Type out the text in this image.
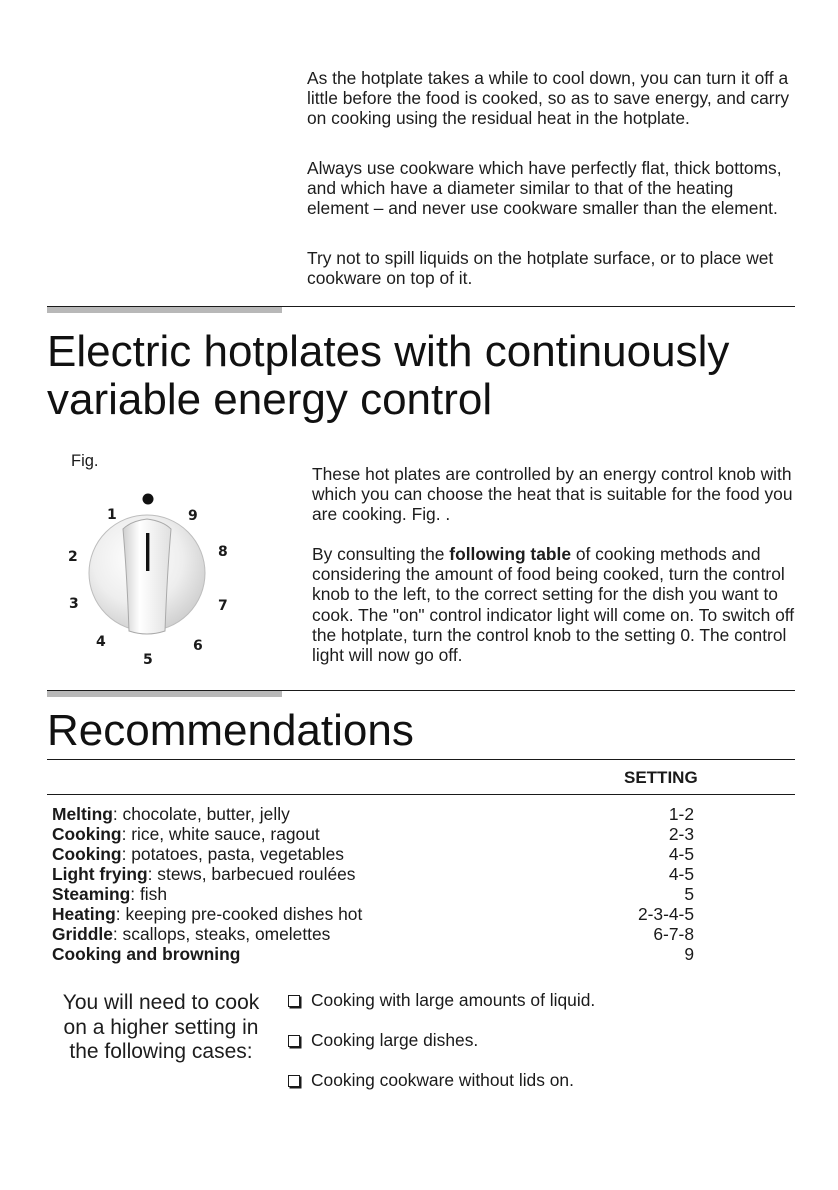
As the hotplate takes a while to cool down, you can turn it off a little before the food is cooked, so as to save energy, and carry on cooking using the residual heat in the hotplate.

Always use cookware which have perfectly flat, thick bottoms, and which have a diameter similar to that of the heating element – and never use cookware smaller than the element.

Try not to spill liquids on the hotplate surface, or to place wet cookware on top of it.

Electric hotplates with continuously
variable energy control
Fig.
1
2
3
4
5
6
7
8
9

These hot plates are controlled by an energy control knob with which you can choose the heat that is suitable for the food you are cooking. Fig. .

By consulting the following table of cooking methods and considering the amount of food being cooked, turn the control knob to the left, to the correct setting for the dish you want to cook. The "on" control indicator light will come on. To switch off the hotplate, turn the control knob to the setting 0. The control light will now go off.

Recommendations
SETTING
Melting: chocolate, butter, jelly	1-2
Cooking: rice, white sauce, ragout	2-3
Cooking: potatoes, pasta, vegetables	4-5
Light frying: stews, barbecued roulées	4-5
Steaming: fish	5
Heating: keeping pre-cooked dishes hot	2-3-4-5
Griddle: scallops, steaks, omelettes	6-7-8
Cooking and browning	9
You will need to cook
on a higher setting in
the following cases:
Cooking with large amounts of liquid.
Cooking large dishes.
Cooking cookware without lids on.
